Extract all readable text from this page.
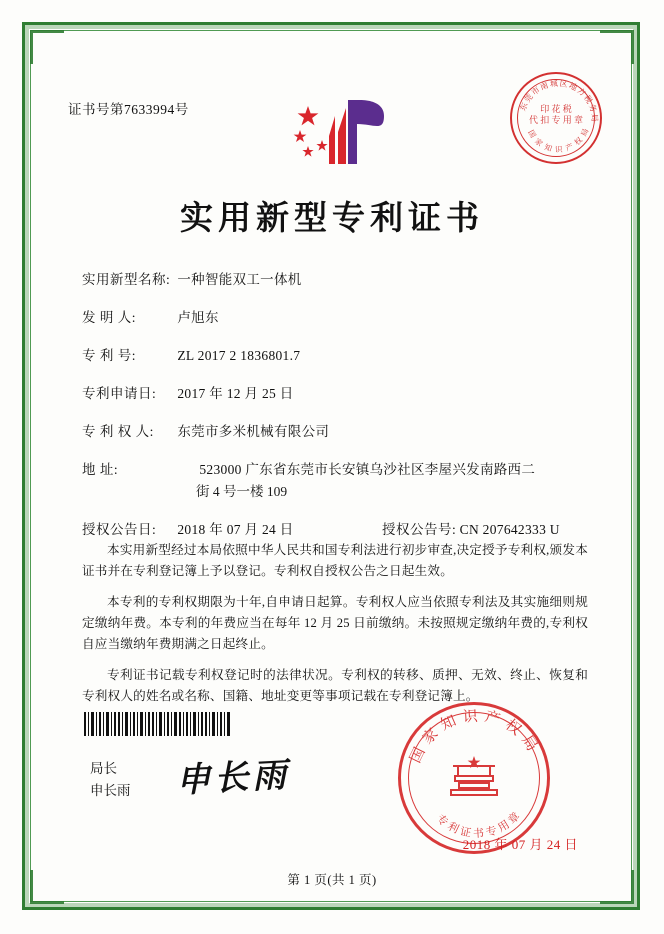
证书号第7633994号	东莞市南城区地方税务局
国 家 知 识 产 权 局
印 花 税
代 扣 专 用 章
实用新型专利证书
实用新型名称: 一种智能双工一体机
发 明 人:	卢旭东
专 利 号:	ZL 2017 2 1836801.7
专利申请日: 2017 年 12 月 25 日
专 利 权 人: 东莞市多米机械有限公司
地 址:	523000 广东省东莞市长安镇乌沙社区李屋兴发南路西二
街 4 号一楼 109
授权公告日: 2018 年 07 月 24 日	授权公告号: CN 207642333 U

本实用新型经过本局依照中华人民共和国专利法进行初步审查,决定授予专利权,颁发本证书并在专利登记簿上予以登记。专利权自授权公告之日起生效。

本专利的专利权期限为十年,自申请日起算。专利权人应当依照专利法及其实施细则规定缴纳年费。本专利的年费应当在每年 12 月 25 日前缴纳。未按照规定缴纳年费的,专利权自应当缴纳年费期满之日起终止。

专利证书记载专利权登记时的法律状况。专利权的转移、质押、无效、终止、恢复和专利权人的姓名或名称、国籍、地址变更等事项记载在专利登记簿上。

局长
申长雨 申长雨
国家知识产权局
专利证书专用章
2018 年 07 月 24 日
第 1 页(共 1 页)
